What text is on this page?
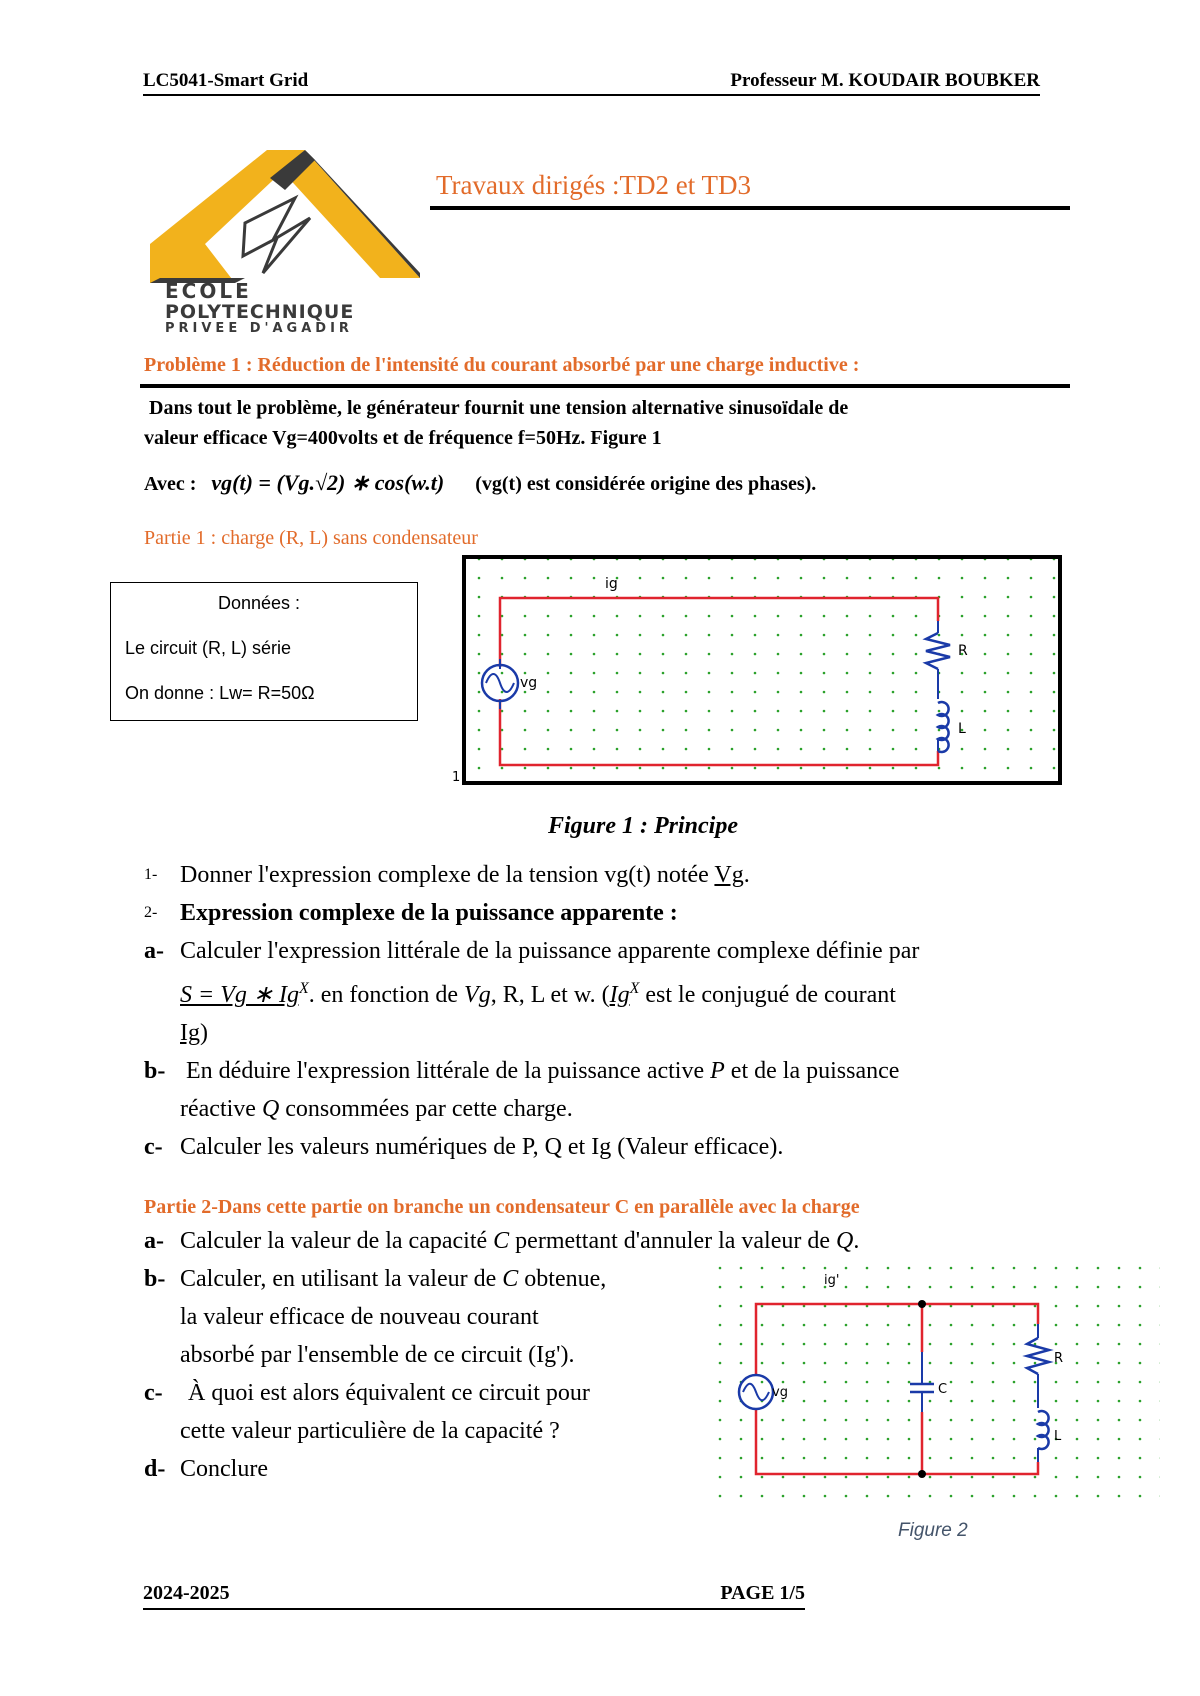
LC5041-Smart Grid	Professeur M. KOUDAIR BOUBKER
ECOLE
POLYTECHNIQUE
PRIVEE D'AGADIR
Travaux dirigés :TD2 et TD3
Problème 1 : Réduction de l'intensité du courant absorbé par une charge inductive :
Dans tout le problème, le générateur fournit une tension alternative sinusoïdale de
valeur efficace Vg=400volts et de fréquence f=50Hz. Figure 1
Avec : vg(t) = (Vg.√2) ∗ cos(w.t) (vg(t) est considérée origine des phases).
Partie 1 : charge (R, L) sans condensateur
Données :
Le circuit (R, L) série
On donne : Lw= R=50Ω
ig
vg
R
L
1
Figure 1 : Principe
1- Donner l'expression complexe de la tension vg(t) notée Vg.
2- Expression complexe de la puissance apparente :
a- Calculer l'expression littérale de la puissance apparente complexe définie par
S = Vg ∗ $Ig^X$. en fonction de Vg, R, L et w. ($Ig^X$ est le conjugué de courant
Ig)
b- En déduire l'expression littérale de la puissance active P et de la puissance
réactive Q consommées par cette charge.
c- Calculer les valeurs numériques de P, Q et Ig (Valeur efficace).
Partie 2-Dans cette partie on branche un condensateur C en parallèle avec la charge
a- Calculer la valeur de la capacité C permettant d'annuler la valeur de Q.
b- Calculer, en utilisant la valeur de C obtenue,
la valeur efficace de nouveau courant
absorbé par l'ensemble de ce circuit (Ig').
c-	À quoi est alors équivalent ce circuit pour
cette valeur particulière de la capacité ?
d- Conclure
ig'
vg	C
R
L
Figure 2
2024-2025	PAGE 1/5
